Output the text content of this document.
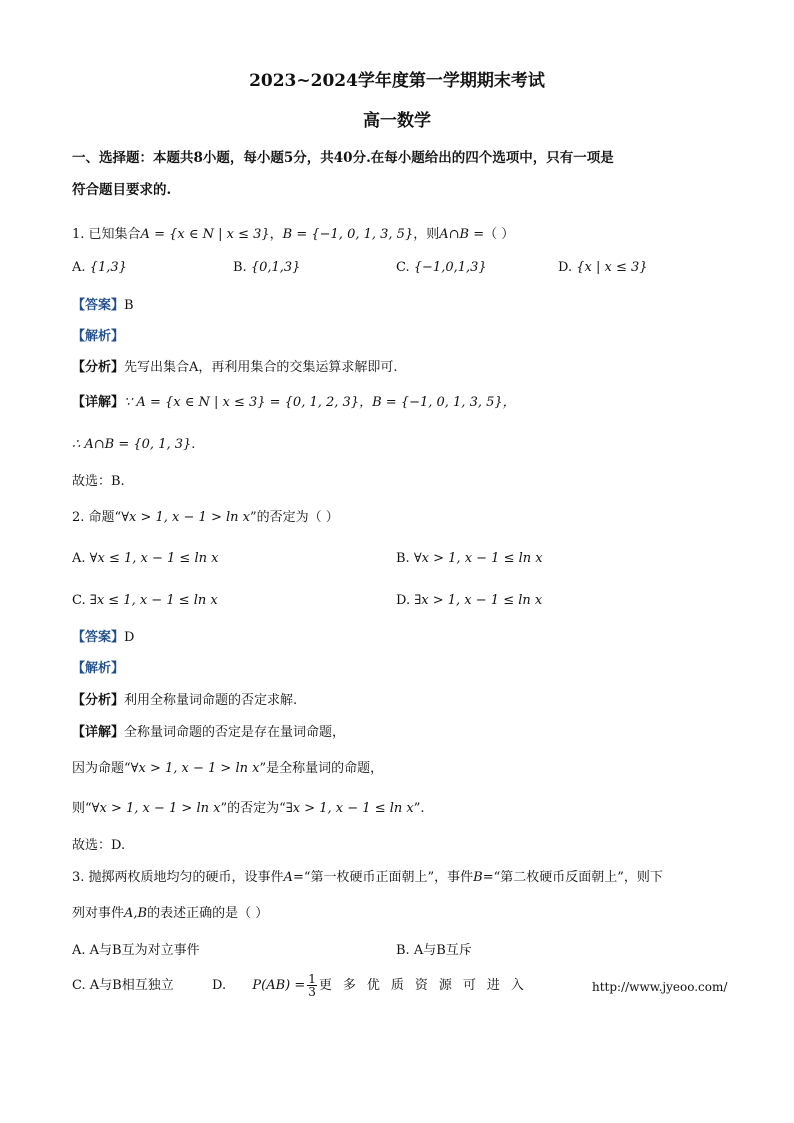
2023~2024学年度第一学期期末考试
高一数学
一、选择题：本题共8小题，每小题5分，共40分.在每小题给出的四个选项中，只有一项是
符合题目要求的.
1. 已知集合A = {x ∈ N | x ≤ 3}，B = {−1, 0, 1, 3, 5}，则A∩B =（ ）
A. {1,3}	B. {0,1,3}	C. {−1,0,1,3}	D. {x | x ≤ 3}
【答案】B
【解析】
【分析】先写出集合A，再利用集合的交集运算求解即可.
【详解】∵ A = {x ∈ N | x ≤ 3} = {0, 1, 2, 3}，B = {−1, 0, 1, 3, 5}，
∴ A∩B = {0, 1, 3}.
故选：B.
2. 命题“∀x > 1, x − 1 > ln x”的否定为（ ）
A. ∀x ≤ 1, x − 1 ≤ ln x	B. ∀x > 1, x − 1 ≤ ln x
C. ∃x ≤ 1, x − 1 ≤ ln x	D. ∃x > 1, x − 1 ≤ ln x
【答案】D
【解析】
【分析】利用全称量词命题的否定求解.
【详解】全称量词命题的否定是存在量词命题，
因为命题“∀x > 1, x − 1 > ln x”是全称量词的命题，
则“∀x > 1, x − 1 > ln x”的否定为“∃x > 1, x − 1 ≤ ln x”.
故选：D.
3. 抛掷两枚质地均匀的硬币，设事件A=“第一枚硬币正面朝上”，事件B=“第二枚硬币反面朝上”，则下
列对事件A,B的表述正确的是（ ）
A. A与B互为对立事件	B. A与B互斥
C. A与B相互独立	D. $P(AB) = \frac{1}{3}$ 更多优质资源可进入	http://www.jyeoo.com/
